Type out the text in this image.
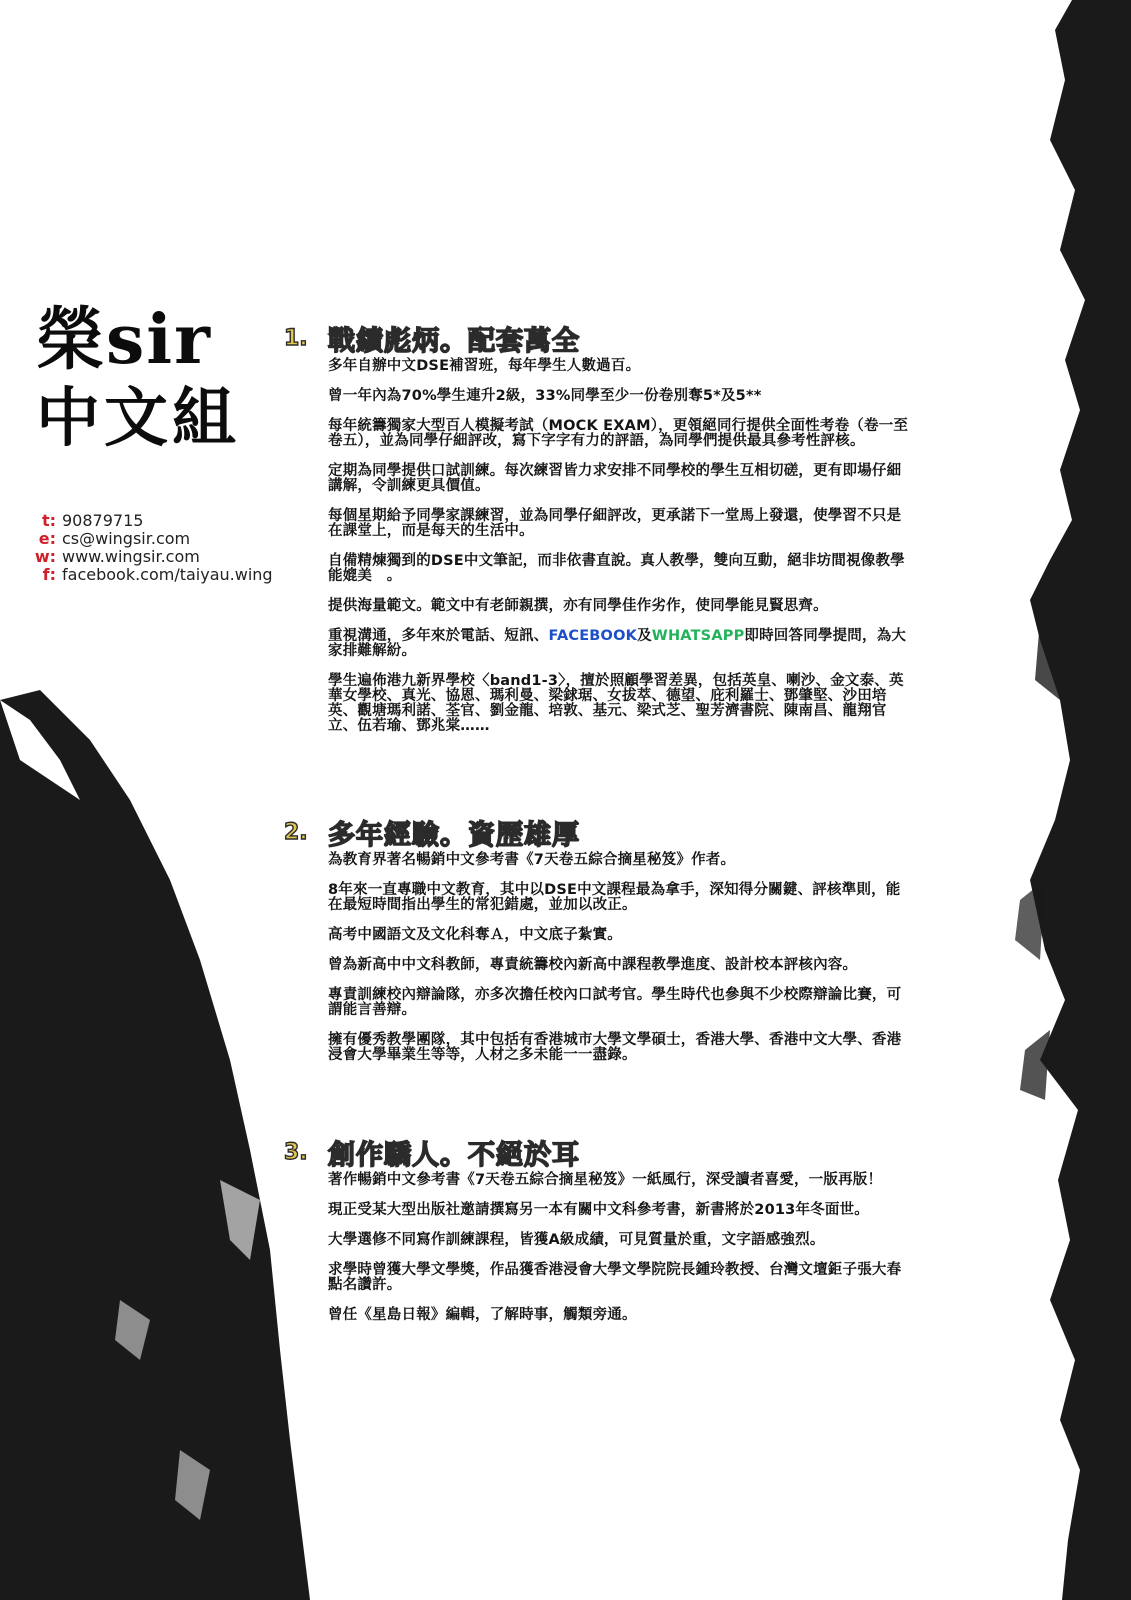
榮sir
中文組
t: 90879715
e: cs@wingsir.com
w: www.wingsir.com
f: facebook.com/taiyau.wing
1. 戰績彪炳。配套萬全
多年自辦中文DSE補習班，每年學生人數過百。
曾一年內為70%學生連升2級，33%同學至少一份卷別奪5*及5**
每年統籌獨家大型百人模擬考試（MOCK EXAM），更領絕同行提供全面性考卷（卷一至卷五），並為同學仔細評改，寫下字字有力的評語，為同學們提供最具參考性評核。
定期為同學提供口試訓練。每次練習皆力求安排不同學校的學生互相切磋，更有即場仔細講解，令訓練更具價值。
每個星期給予同學家課練習，並為同學仔細評改，更承諾下一堂馬上發還，使學習不只是在課堂上，而是每天的生活中。
自備精煉獨到的DSE中文筆記，而非依書直說。真人教學，雙向互動，絕非坊間視像教學能媲美　。
提供海量範文。範文中有老師親撰，亦有同學佳作劣作，使同學能見賢思齊。
重視溝通，多年來於電話、短訊、FACEBOOK及WHATSAPP即時回答同學提問，為大家排難解紛。
學生遍佈港九新界學校〈band1-3〉，擅於照顧學習差異，包括英皇、喇沙、金文泰、英華女學校、真光、協恩、瑪利曼、梁銶琚、女拔萃、德望、庇利羅士、鄧肇堅、沙田培英、觀塘瑪利諾、荃官、劉金龍、培敦、基元、梁式芝、聖芳濟書院、陳南昌、龍翔官立、伍若瑜、鄧兆棠……
2. 多年經驗。資歷雄厚
為教育界著名暢銷中文參考書《7天卷五綜合摘星秘笈》作者。
8年來一直專職中文教育，其中以DSE中文課程最為拿手，深知得分關鍵、評核準則，能在最短時間指出學生的常犯錯處，並加以改正。
高考中國語文及文化科奪Ａ，中文底子紮實。
曾為新高中中文科教師，專責統籌校內新高中課程教學進度、設計校本評核內容。
專責訓練校內辯論隊，亦多次擔任校內口試考官。學生時代也參與不少校際辯論比賽，可謂能言善辯。
擁有優秀教學團隊，其中包括有香港城市大學文學碩士，香港大學、香港中文大學、香港浸會大學畢業生等等，人材之多未能一一盡錄。
3. 創作驕人。不絕於耳
著作暢銷中文參考書《7天卷五綜合摘星秘笈》一紙風行，深受讀者喜愛，一版再版！
現正受某大型出版社邀請撰寫另一本有關中文科參考書，新書將於2013年冬面世。
大學選修不同寫作訓練課程，皆獲A級成績，可見質量於重，文字語感強烈。
求學時曾獲大學文學獎，作品獲香港浸會大學文學院院長鍾玲教授、台灣文壇鉅子張大春點名讚許。
曾任《星島日報》編輯，了解時事，觸類旁通。
